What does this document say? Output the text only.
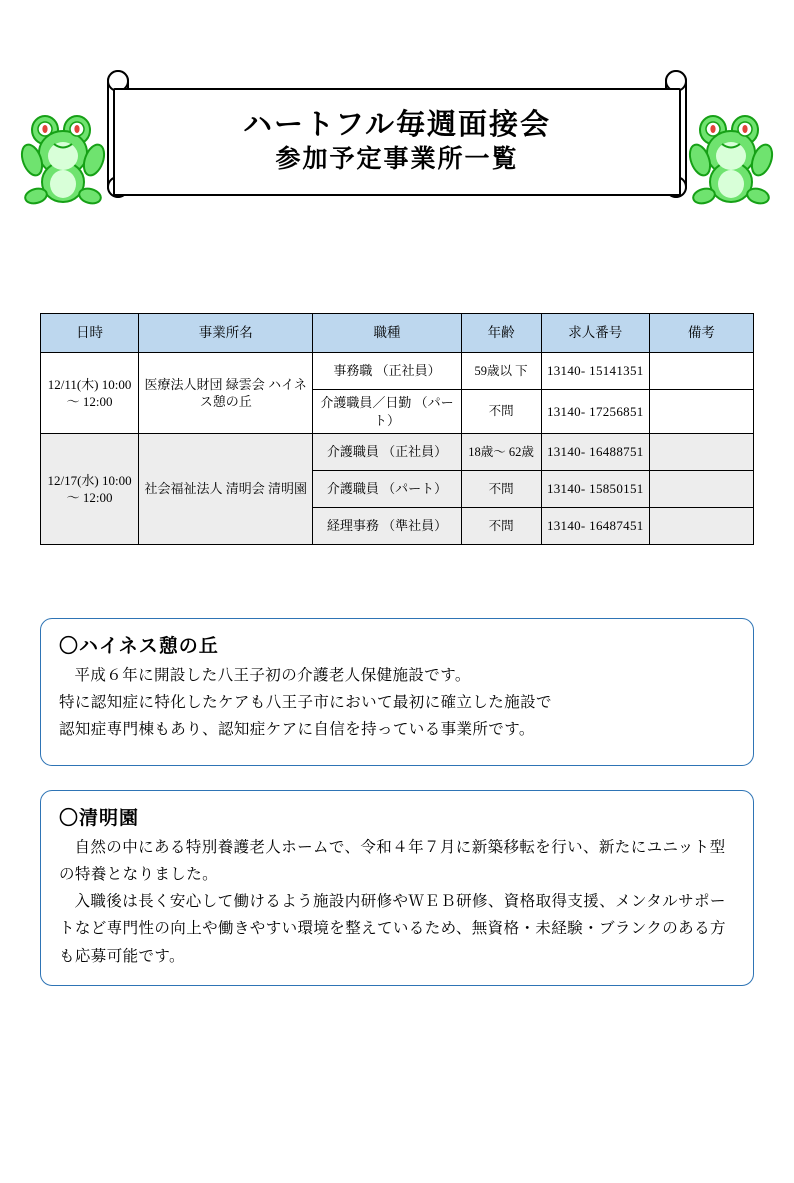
ハートフル毎週面接会
参加予定事業所一覧
日時	事業所名	職種	年齢	求人番号	備考
12/11(木) 10:00～ 12:00	医療法人財団 緑雲会 ハイネス憩の丘	事務職 （正社員）	59歳以 下	13140- 15141351	
		介護職員／日勤 （パート）	不問	13140- 17256851	
12/17(水) 10:00～ 12:00	社会福祉法人 清明会 清明園	介護職員 （正社員）	18歳～ 62歳	13140- 16488751	
		介護職員 （パート）	不問	13140- 15850151	
		経理事務 （準社員）	不問	13140- 16487451	
〇ハイネス憩の丘
平成６年に開設した八王子初の介護老人保健施設です。
特に認知症に特化したケアも八王子市において最初に確立した施設で
認知症専門棟もあり、認知症ケアに自信を持っている事業所です。
〇清明園
自然の中にある特別養護老人ホームで、令和４年７月に新築移転を行い、新たにユニット型の特養となりました。
入職後は長く安心して働けるよう施設内研修やＷＥＢ研修、資格取得支援、メンタルサポートなど専門性の向上や働きやすい環境を整えているため、無資格・未経験・ブランクのある方も応募可能です。
